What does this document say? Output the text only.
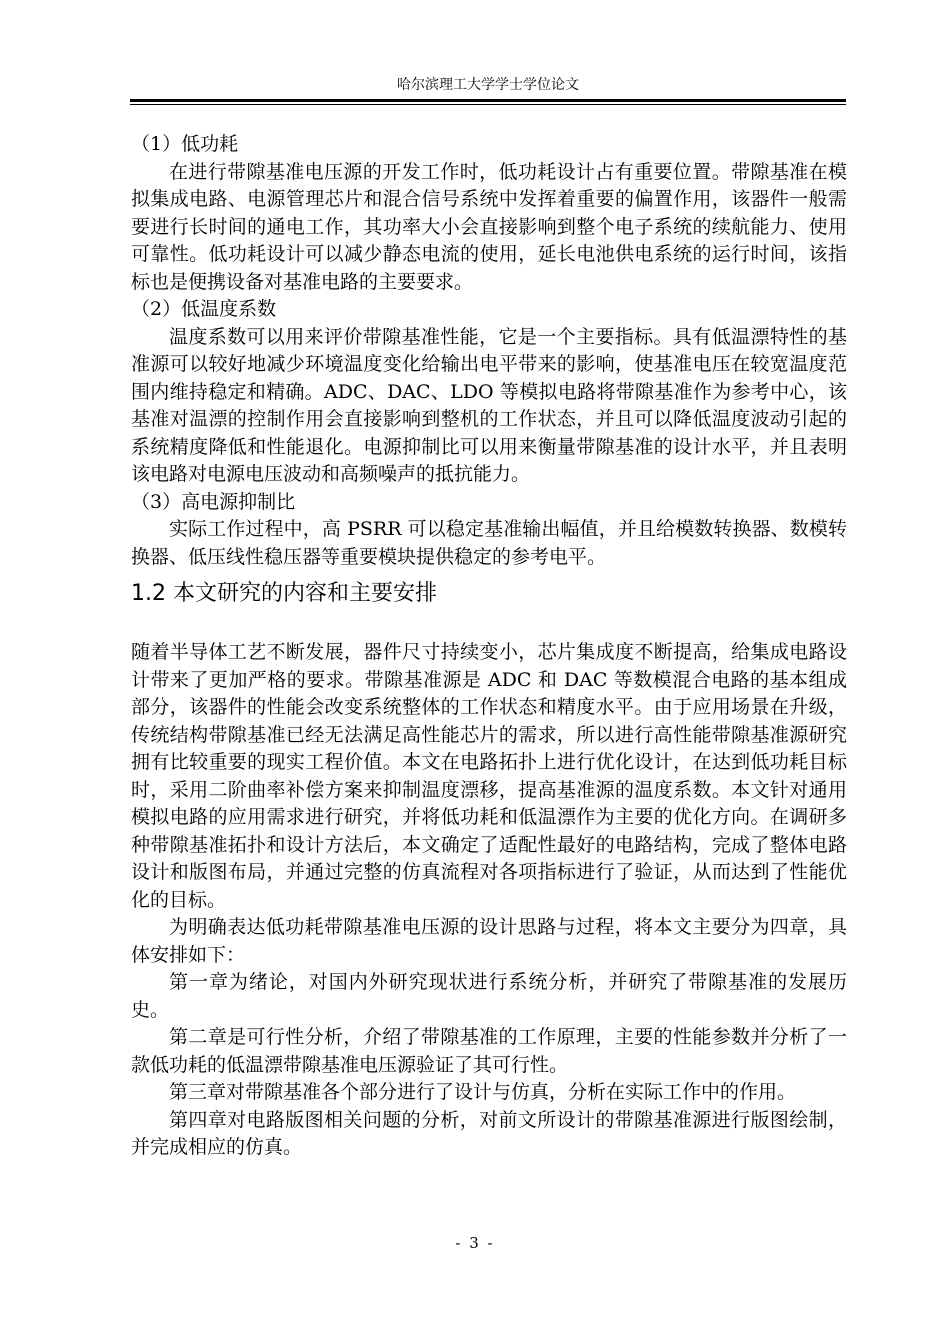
哈尔滨理工大学学士学位论文

（1）低功耗

在进行带隙基准电压源的开发工作时，低功耗设计占有重要位置。带隙基准在模拟集成电路、电源管理芯片和混合信号系统中发挥着重要的偏置作用，该器件一般需要进行长时间的通电工作，其功率大小会直接影响到整个电子系统的续航能力、使用可靠性。低功耗设计可以减少静态电流的使用，延长电池供电系统的运行时间，该指标也是便携设备对基准电路的主要要求。

（2）低温度系数

温度系数可以用来评价带隙基准性能，它是一个主要指标。具有低温漂特性的基准源可以较好地减少环境温度变化给输出电平带来的影响，使基准电压在较宽温度范围内维持稳定和精确。ADC、DAC、LDO 等模拟电路将带隙基准作为参考中心，该基准对温漂的控制作用会直接影响到整机的工作状态，并且可以降低温度波动引起的系统精度降低和性能退化。电源抑制比可以用来衡量带隙基准的设计水平，并且表明该电路对电源电压波动和高频噪声的抵抗能力。

（3）高电源抑制比

实际工作过程中，高 PSRR 可以稳定基准输出幅值，并且给模数转换器、数模转换器、低压线性稳压器等重要模块提供稳定的参考电平。

1.2 本文研究的内容和主要安排

随着半导体工艺不断发展，器件尺寸持续变小，芯片集成度不断提高，给集成电路设计带来了更加严格的要求。带隙基准源是 ADC 和 DAC 等数模混合电路的基本组成部分，该器件的性能会改变系统整体的工作状态和精度水平。由于应用场景在升级，传统结构带隙基准已经无法满足高性能芯片的需求，所以进行高性能带隙基准源研究拥有比较重要的现实工程价值。本文在电路拓扑上进行优化设计，在达到低功耗目标时，采用二阶曲率补偿方案来抑制温度漂移，提高基准源的温度系数。本文针对通用模拟电路的应用需求进行研究，并将低功耗和低温漂作为主要的优化方向。在调研多种带隙基准拓扑和设计方法后，本文确定了适配性最好的电路结构，完成了整体电路设计和版图布局，并通过完整的仿真流程对各项指标进行了验证，从而达到了性能优化的目标。

为明确表达低功耗带隙基准电压源的设计思路与过程，将本文主要分为四章，具体安排如下：

第一章为绪论，对国内外研究现状进行系统分析，并研究了带隙基准的发展历史。

第二章是可行性分析，介绍了带隙基准的工作原理，主要的性能参数并分析了一款低功耗的低温漂带隙基准电压源验证了其可行性。

第三章对带隙基准各个部分进行了设计与仿真，分析在实际工作中的作用。

第四章对电路版图相关问题的分析，对前文所设计的带隙基准源进行版图绘制，并完成相应的仿真。

- 3 -
